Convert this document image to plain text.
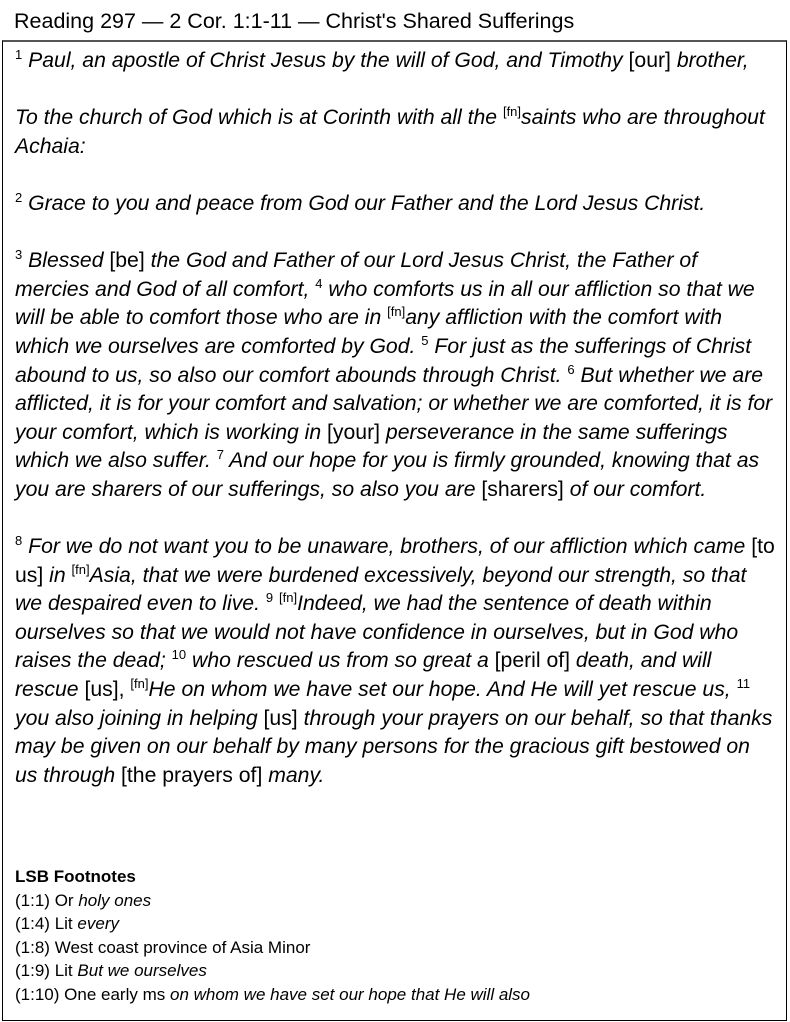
Reading 297 — 2 Cor. 1:1-11 — Christ's Shared Sufferings

$^1$ Paul, an apostle of Christ Jesus by the will of God, and Timothy [our] brother,

To the church of God which is at Corinth with all the [fn]saints who are throughout Achaia:

$^2$ Grace to you and peace from God our Father and the Lord Jesus Christ.

$^3$ Blessed [be] the God and Father of our Lord Jesus Christ, the Father of mercies and God of all comfort, $^4$ who comforts us in all our affliction so that we will be able to comfort those who are in [fn]any affliction with the comfort with which we ourselves are comforted by God. $^5$ For just as the sufferings of Christ abound to us, so also our comfort abounds through Christ. $^6$ But whether we are afflicted, it is for your comfort and salvation; or whether we are comforted, it is for your comfort, which is working in [your] perseverance in the same sufferings which we also suffer. $^7$ And our hope for you is firmly grounded, knowing that as you are sharers of our sufferings, so also you are [sharers] of our comfort.

$^8$ For we do not want you to be unaware, brothers, of our affliction which came [to us] in [fn]Asia, that we were burdened excessively, beyond our strength, so that we despaired even to live. $^9$ [fn]Indeed, we had the sentence of death within ourselves so that we would not have confidence in ourselves, but in God who raises the dead; $^{10}$ who rescued us from so great a [peril of] death, and will rescue [us], [fn]He on whom we have set our hope. And He will yet rescue us, $^{11}$ you also joining in helping [us] through your prayers on our behalf, so that thanks may be given on our behalf by many persons for the gracious gift bestowed on us through [the prayers of] many.

LSB Footnotes
(1:1) Or holy ones
(1:4) Lit every
(1:8) West coast province of Asia Minor
(1:9) Lit But we ourselves
(1:10) One early ms on whom we have set our hope that He will also
